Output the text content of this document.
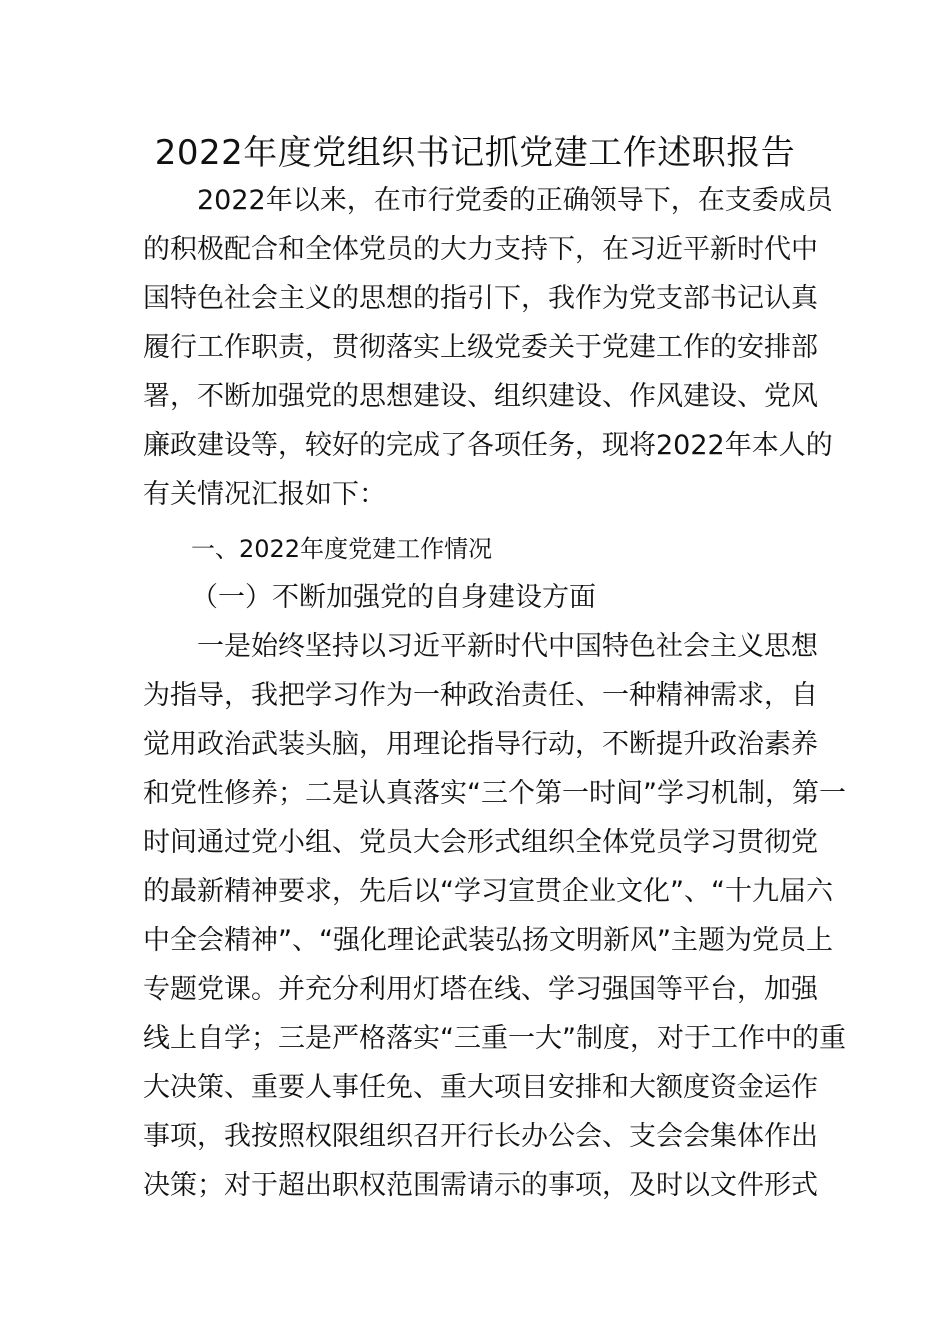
2022年度党组织书记抓党建工作述职报告
2022年以来，在市行党委的正确领导下，在支委成员
的积极配合和全体党员的大力支持下，在习近平新时代中
国特色社会主义的思想的指引下，我作为党支部书记认真
履行工作职责，贯彻落实上级党委关于党建工作的安排部
署，不断加强党的思想建设、组织建设、作风建设、党风
廉政建设等，较好的完成了各项任务，现将2022年本人的
有关情况汇报如下：
一、2022年度党建工作情况
（一）不断加强党的自身建设方面
一是始终坚持以习近平新时代中国特色社会主义思想
为指导，我把学习作为一种政治责任、一种精神需求，自
觉用政治武装头脑，用理论指导行动，不断提升政治素养
和党性修养；二是认真落实“三个第一时间”学习机制，第一
时间通过党小组、党员大会形式组织全体党员学习贯彻党
的最新精神要求，先后以“学习宣贯企业文化”、“十九届六
中全会精神”、“强化理论武装弘扬文明新风”主题为党员上
专题党课。并充分利用灯塔在线、学习强国等平台，加强
线上自学；三是严格落实“三重一大”制度，对于工作中的重
大决策、重要人事任免、重大项目安排和大额度资金运作
事项，我按照权限组织召开行长办公会、支会会集体作出
决策；对于超出职权范围需请示的事项，及时以文件形式
